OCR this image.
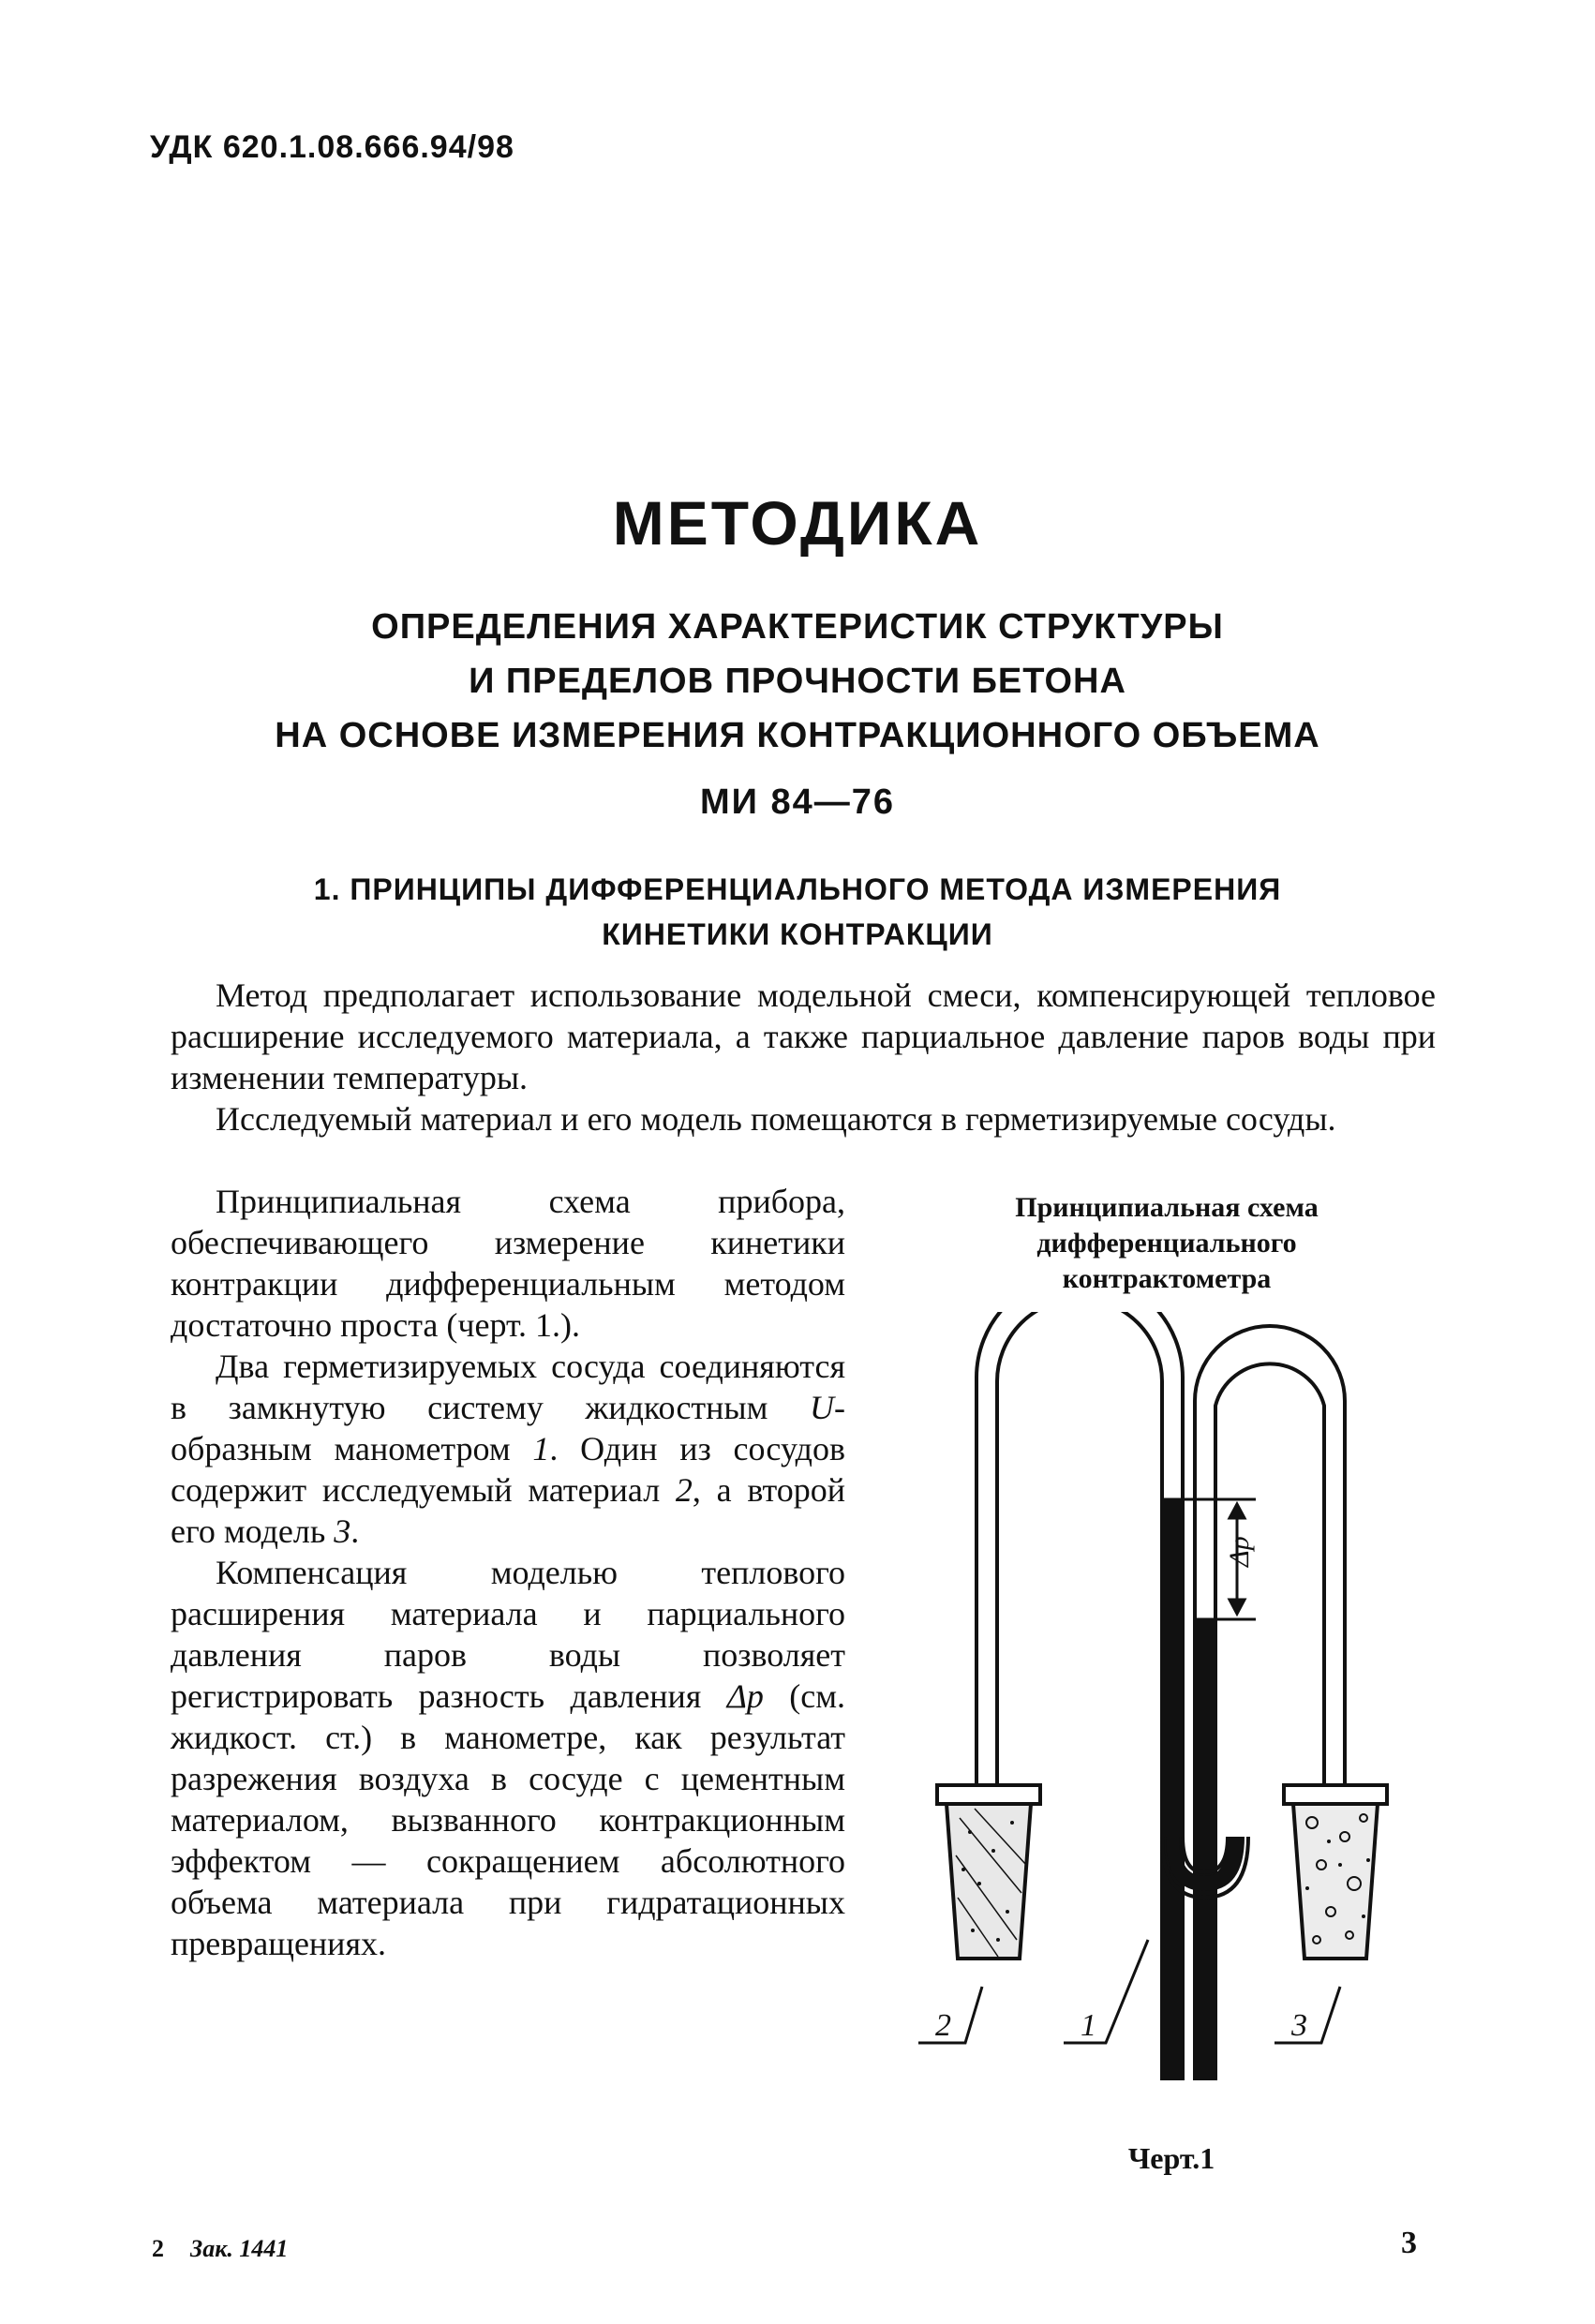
УДК 620.1.08.666.94/98
МЕТОДИКА
ОПРЕДЕЛЕНИЯ ХАРАКТЕРИСТИК СТРУКТУРЫ
И ПРЕДЕЛОВ ПРОЧНОСТИ БЕТОНА
НА ОСНОВЕ ИЗМЕРЕНИЯ КОНТРАКЦИОННОГО ОБЪЕМА
МИ 84—76
1. ПРИНЦИПЫ ДИФФЕРЕНЦИАЛЬНОГО МЕТОДА ИЗМЕРЕНИЯ
КИНЕТИКИ КОНТРАКЦИИ

Метод предполагает использование модельной смеси, компенсирующей тепловое расширение исследуемого материала, а также парциальное давление паров воды при изменении температуры.

Исследуемый материал и его модель помещаются в герметизируемые сосуды.

Принципиальная схема прибора, обеспечивающего измерение кинетики контракции дифференциальным методом достаточно проста (черт. 1.).

Два герметизируемых сосуда соединяются в замкнутую систему жидкостным U-образным манометром 1. Один из сосудов содержит исследуемый материал 2, а второй его модель 3.

Компенсация моделью теплового расширения материала и парциального давления паров воды позволяет регистрировать разность давления Δp (см. жидкост. ст.) в манометре, как результат разрежения воздуха в сосуде с цементным материалом, вызванного контракционным эффектом — сокращением абсолютного объема материала при гидратационных превращениях.

Принципиальная схема
дифференциального
контрактометра
Δp
2	1	3
Черт.1
2 Зак. 1441	3
